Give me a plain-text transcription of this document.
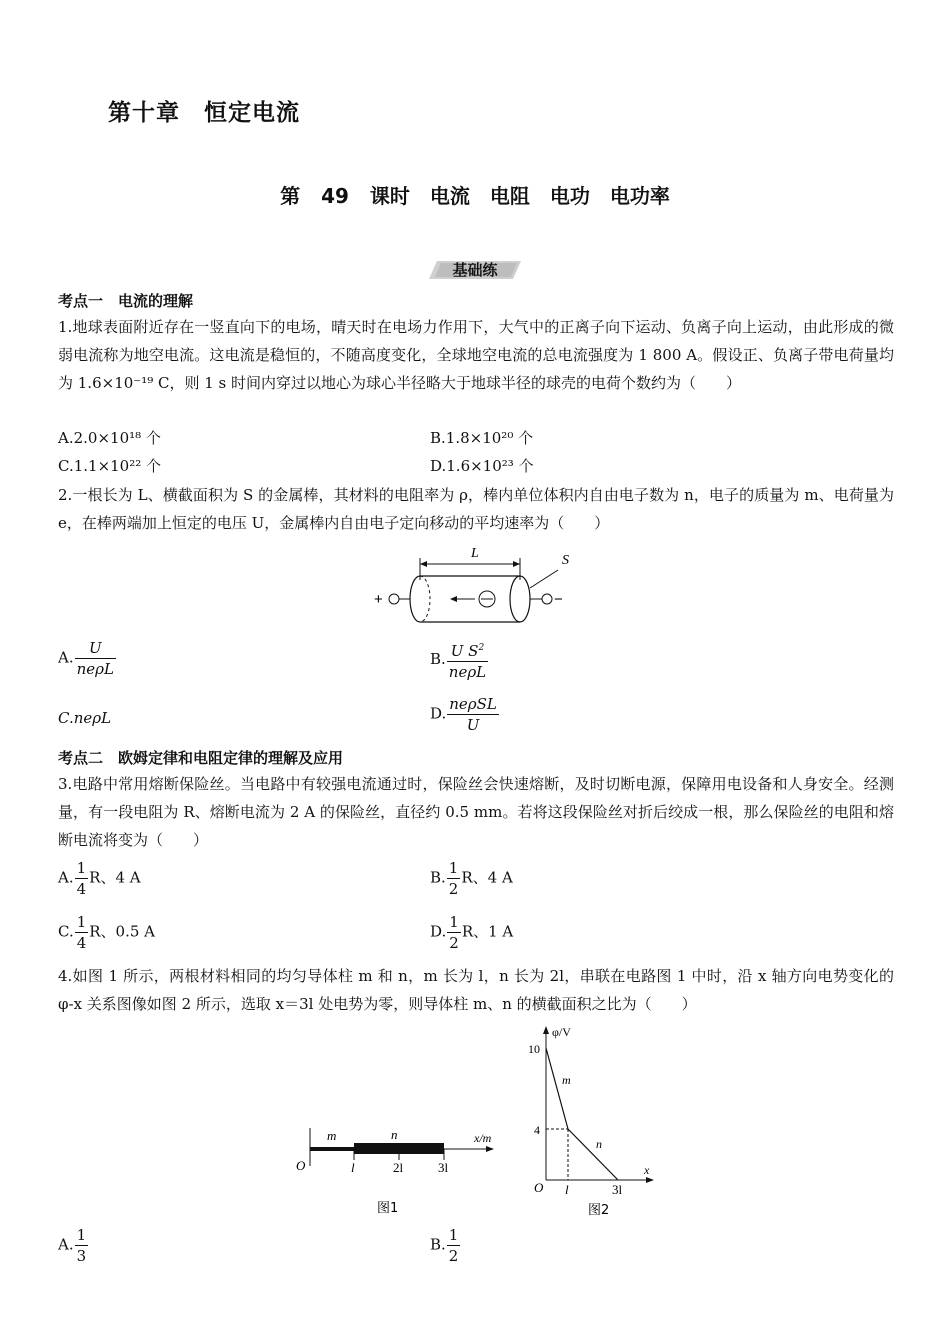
第十章　恒定电流
第 49 课时　电流　电阻　电功　电功率
基础练
考点一　电流的理解
1.地球表面附近存在一竖直向下的电场，晴天时在电场力作用下，大气中的正离子向下运动、负离子向上运动，由此形成的微弱电流称为地空电流。这电流是稳恒的，不随高度变化，全球地空电流的总电流强度为 1 800 A。假设正、负离子带电荷量均为 1.6×10⁻¹⁹ C，则 1 s 时间内穿过以地心为球心半径略大于地球半径的球壳的电荷个数约为（　　）
A.2.0×10¹⁸ 个	B.1.8×10²⁰ 个
C.1.1×10²² 个	D.1.6×10²³ 个
2.一根长为 L、横截面积为 S 的金属棒，其材料的电阻率为 ρ，棒内单位体积内自由电子数为 n，电子的质量为 m、电荷量为 e，在棒两端加上恒定的电压 U，金属棒内自由电子定向移动的平均速率为（　　）
L	S
+	−
A. $\frac{U}{\text{neρL}}$	B. $\frac{U S^2}{\text{neρL}}$
C.neρL	D. $\frac{\text{neρSL}}{U}$
考点二　欧姆定律和电阻定律的理解及应用
3.电路中常用熔断保险丝。当电路中有较强电流通过时，保险丝会快速熔断，及时切断电源，保障用电设备和人身安全。经测量，有一段电阻为 R、熔断电流为 2 A 的保险丝，直径约 0.5 mm。若将这段保险丝对折后绞成一根，那么保险丝的电阻和熔断电流将变为（　　）
A. $\frac{1}{4}$ R、4 A	B. $\frac{1}{2}$ R、4 A
C. $\frac{1}{4}$ R、0.5 A	D. $\frac{1}{2}$ R、1 A
4.如图 1 所示，两根材料相同的均匀导体柱 m 和 n，m 长为 l，n 长为 2l，串联在电路图 1 中时，沿 x 轴方向电势变化的 φ-x 关系图像如图 2 所示，选取 x＝3l 处电势为零，则导体柱 m、n 的横截面积之比为（　　）
m	n	x/m
O	l	2l	3l
图1
φ/V
x
10
4
O l	3l
m
n
图2
A. $\frac{1}{3}$	B. $\frac{1}{2}$
